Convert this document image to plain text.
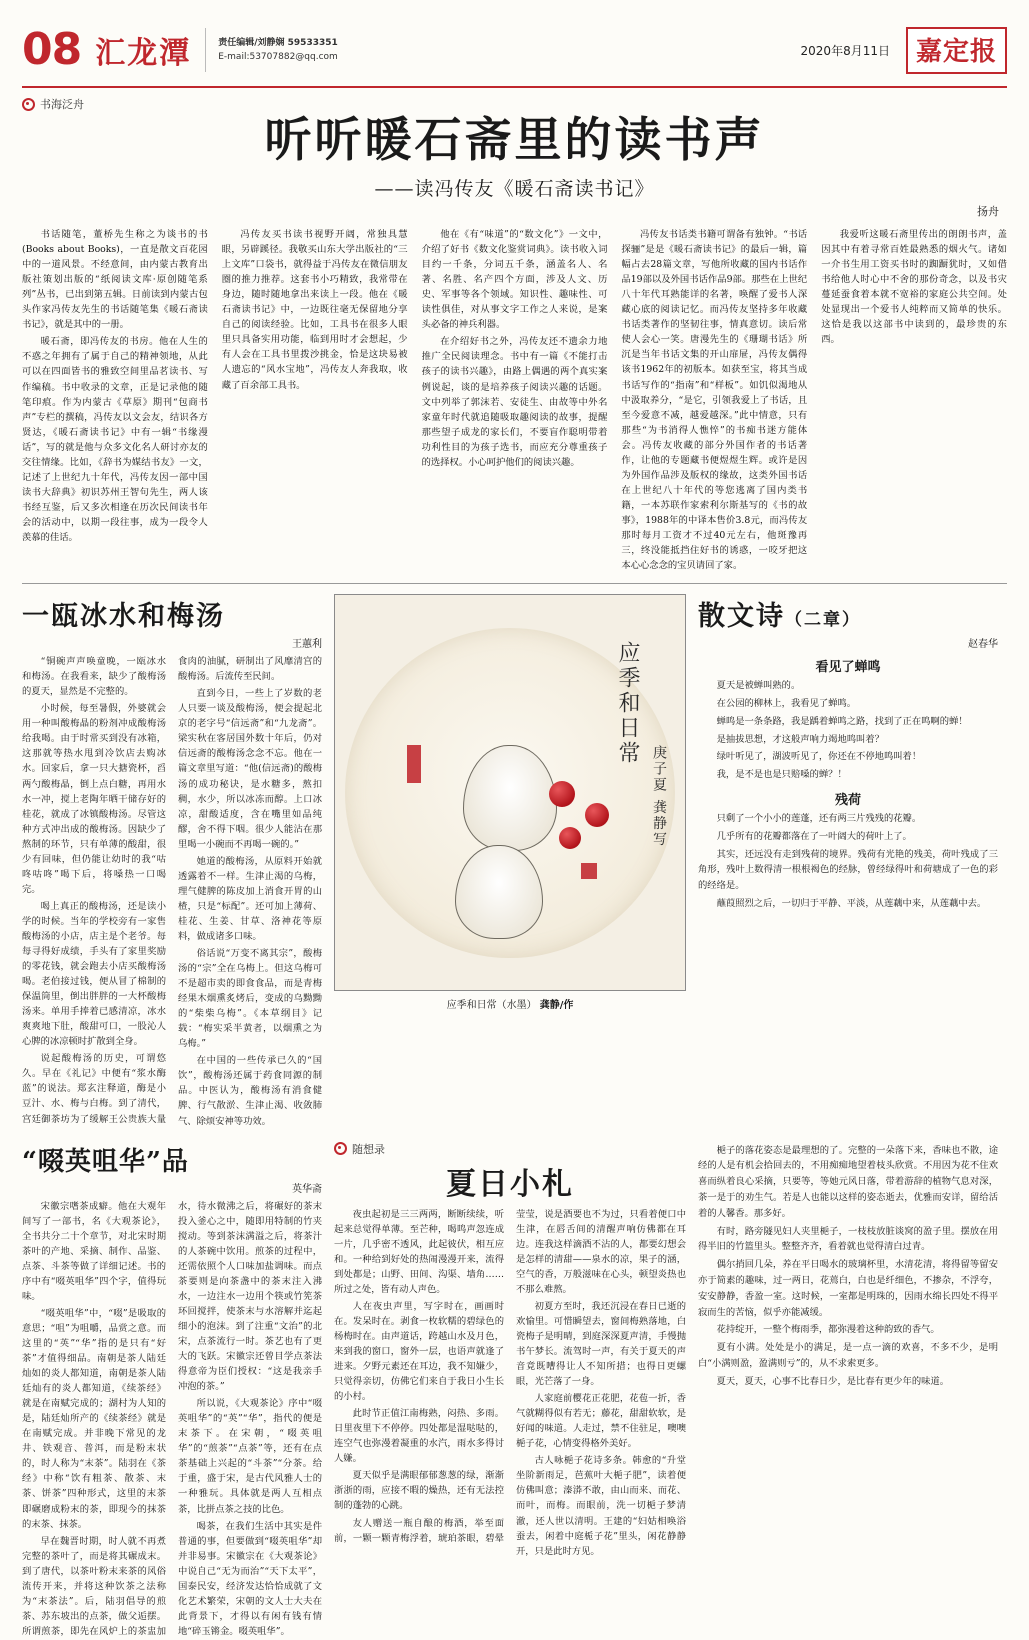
08 汇龙潭	责任编辑/刘静娴 59533351
E-mail:53707882@qq.com	2020年8月11日	嘉定报
书海泛舟
听听暖石斋里的读书声
——读冯传友《暖石斋读书记》
扬舟

书话随笔，董桥先生称之为谈书的书(Books about Books)，一直是散文百花园中的一道风景。不经意间，由内蒙古教育出版社策划出版的“纸阅读文库·原创随笔系列”丛书，已出到第五辑。日前读到内蒙古包头作家冯传友先生的书话随笔集《暖石斋读书记》，就是其中的一册。

暖石斋，即冯传友的书房。他在人生的不惑之年拥有了属于自己的精神领地，从此可以在四面皆书的雅致空间里品茗读书、写作编稿。书中收录的文章，正是记录他的随笔印痕。作为内蒙古《草原》期刊“包商书声”专栏的撰稿，冯传友以文会友，结识各方贤达，《暖石斋读书记》中有一辑“书缘漫话”，写的就是他与众多文化名人研讨亦友的交往情缘。比如，《辞书为媒结书友》一文，记述了上世纪九十年代，冯传友因一部中国读书大辞典》初识苏州王智句先生，两人该书经互鉴，后又多次相逢在历次民间读书年会的活动中，以期一段往事，成为一段令人羡慕的佳话。

冯传友买书读书视野开阔，常独具慧眼，另辟蹊径。我敬买山东大学出版社的“三上文库”口袋书，就得益于冯传友在微信朋友圈的推力推荐。这套书小巧精致，我常带在身边，随时随地拿出来读上一段。他在《暖石斋读书记》中，一边既往毫无保留地分享自己的阅读经验。比如，工具书在很多人眼里只具备实用功能，临到用时才会想起，少有人会在工具书里拨沙挑金，恰是这块易被人遗忘的“风水宝地”，冯传友人奔我取，收藏了百余部工具书。

他在《有“味道”的“数文化”》一文中，介绍了好书《数文化鉴赏词典》。读书收入词目约一千条，分词五千条，涵盖名人、名著、名胜、名产四个方面，涉及人文、历史、军事等各个领域。知识性、趣味性、可读性俱佳，对从事文字工作之人来说，是案头必备的神兵利器。

在介绍好书之外，冯传友还不遗余力地推广全民阅读理念。书中有一篇《不能打击孩子的读书兴趣》，由路上偶遇的两个真实案例说起，谈的是培养孩子阅读兴趣的话题。文中列举了郭沫若、安徒生、由故等中外名家童年时代就追随吸取趣阅读的故事，提醒那些望子成龙的家长们，不要盲作聪明带着功利性目的为孩子选书，而应充分尊重孩子的选择权。小心呵护他们的阅读兴趣。

冯传友书话类书籍可谓备有独钟。“书话探骊”是是《暖石斋读书记》的最后一辑，篇幅占去28篇文章，写他所收藏的国内书话作品19部以及外国书话作品9部。那些在上世纪八十年代耳熟能详的名著，唤醒了爱书人深藏心底的阅读记忆。而冯传友坚持多年收藏书话类著作的坚韧往事，情真意切。读后常使人会心一笑。唐漫先生的《珊瑚书话》所沉是当年书话文集的开山扉屉，冯传友偶得该书1962年的初版本。如获至宝，将其当成书话写作的“指南”和“样板”。如饥似渴地从中汲取养分，“是它，引领我爱上了书话，且至今爱意不减，越爱越深。”此中情意，只有那些“为书消得人憔悴”的书痴书迷方能体会。冯传友收藏的部分外国作者的书话著作，让他的专题藏书便煜煜生辉。或许是因为外国作品涉及版权的缘故，这类外国书话在上世纪八十年代的等您逃离了国内类书籍，一本苏联作家索利尔斯基写的《书的故事》，1988年的中译本售价3.8元，而冯传友那时每月工资才不过40元左右，他斑豫再三，终没能抵挡住好书的诱惑，一咬牙把这本心心念念的宝贝请回了家。

我爱听这暖石斋里传出的朗朗书声，盖因其中有着寻常百姓最熟悉的烟火气。诸如一介书生用工资买书时的踟蹰犹时，又如借书给他人时心中不舍的那份奇念，以及书灾蔓延蚕食着本就不宽裕的家庭公共空间。处处显现出一个爱书人纯粹而又简单的快乐。这恰是我以这部书中读到的，最珍贵的东西。

一瓯冰水和梅汤
王蕙利

“铜碗声声唤童晚，一瓯冰水和梅汤。在我看来，缺少了酸梅汤的夏天，显然是不完整的。

小时候，每至暑假，外婆就会用一种叫酸梅晶的粉剂冲成酸梅汤给我喝。由于时常买到没有冰箱，这那就等热水甩到冷饮店去购冰水。回家后，拿一只大搪瓷杯，舀两勺酸梅晶，倒上点白糖，再用水水一冲，搅上老陶年晒干储存好的桂花，就成了冰镇酸梅汤。尽管这种方式冲出成的酸梅汤。因缺少了熬制的环节，只有单薄的酸甜，很少有回味，但仍能让幼时的我“咕咚咕咚”喝下后，将嗓热一口喝完。

喝上真正的酸梅汤，还是读小学的时候。当年的学校旁有一家售酸梅汤的小店，店主是个老爷。每每寻得好成绩，手头有了家里奖励的零花钱，就会跑去小店买酸梅汤喝。老伯接过钱，便从冒了棉制的保温筒里，倒出胖胖的一大杯酸梅汤来。单用手捧着已感清凉，冰水爽爽地下肚，酸甜可口，一股沁人心脾的冰凉顿时扩散到全身。

说起酸梅汤的历史，可谓悠久。早在《礼记》中便有“浆水酶蓝”的说法。郑玄注释道，酶是小豆汁、水、梅与白梅。到了清代，宫廷御茶坊为了缓解王公贵族大量食肉的油腻，研制出了风靡清宫的酸梅汤。后流传至民间。

直到今日，一些上了岁数的老人只要一谈及酸梅汤，便会提起北京的老字号“信远斋”和“九龙斋”。梁实秋在客居国外数十年后，仍对信远斋的酸梅汤念念不忘。他在一篇文章里写道：“他(信远斋)的酸梅汤的成功秘诀，是水糖多，熬扣稠，水少，所以冰冻而醇。上口冰凉，甜酸适度，含在嘴里如品纯醪，舍不得下咽。很少人能沾在那里喝一小碗而不再喝一碗的。”

她道的酸梅汤，从原料开始就透露着不一样。生津止渴的乌梅，理气健脾的陈皮加上消食开胃的山楂，只是“标配”。还可加上薄荷、桂花、生姜、甘草、洛神花等原料，做成诸多口味。

俗话说“万变不离其宗”，酸梅汤的“宗”全在乌梅上。但这乌梅可不是超市卖的即食食品，而是青梅经果木烟熏炙烤后，变成的乌黝黝的“柴柴乌梅”。《本草纲目》记载：“梅实采半黄者，以烟熏之为乌梅。”

在中国的一些传承已久的“国饮”，酸梅汤还属于药食同源的制品。中医认为，酸梅汤有消食健脾、行气散淤、生津止渴、收敛肺气、除烦安神等功效。

应季和日常
庚子夏 龚静写
应季和日常（水墨） 龚静/作
散文诗（二章）
赵春华
看见了蝉鸣

夏天是被蝉叫熟的。

在公园的柳林上，我看见了蝉鸣。

蝉鸣是一条条路，我是踽着蝉鸣之路，找到了正在鸣啊的蝉！

是抽拔思想，才这般声响力竭地鸣叫着？

绿叶听见了，湖波听见了，你还在不停地鸣叫着！

我，是不是也是只赔嗓的蝉？！

残荷

只剩了一个小小的莲蓬，还有两三片残残的花瓣。

几乎所有的花瓣都落在了一叶阔大的荷叶上了。

其实，还远没有走到残荷的境界。残荷有光艳的残美，荷叶残成了三角形，残叶上数得清一根根褐色的经脉，曾经绿得叶和荷塘成了一色的彩的经络是。

蘸葭照烈之后，一切归于平静、平淡，从莲藕中来，从莲藕中去。

“啜英咀华”品
英华斋

宋徽宗嗜茶成癖。他在大观年间写了一部书，名《大观茶论》，全书共分二十个章节，对北宋时期茶叶的产地、采摘、制作、品鉴、点茶、斗茶等做了详细记述。书的序中有“啜英咀华”四个字，值得玩味。

“啜英咀华”中，“啜”是吸取的意思；“咀”为咀嚼，品赏之意。而这里的“英”“华”指的是只有“好茶”才值得细品。南朝是茶人陆廷灿如的炎人都知道，南朝是茶人陆廷灿有的炎人都知道，《续茶经》就是在南赋完成的；湖村为人知的是，陆廷灿所产的《续茶经》就是在南赋完成。并非晚下常见的龙井、铁观音、普洱，而是粉末状的，时人称为“末茶”。陆羽在《茶经》中称“饮有粗茶、散茶、末茶、饼茶”四种形式，这里的末茶即碾磨成粉末的茶，即现今的抹茶的末茶、抹茶。

早在魏晋时期，时人就不再煮完整的茶叶了，而是将其碾成末。到了唐代，以茶叶粉末来茶的风俗流传开来，并将这种饮茶之法称为“末茶法”。后，陆羽倡导的煎茶、苏东坡出的点茶，做父逅摆。所谓煎茶，即先在风炉上的茶盅加水，待水微沸之后，将碾好的茶末投入釜心之中，随即用特制的竹夹搅动。等到茶沫满溢之后，将茶汁的人茶碗中饮用。煎茶的过程中，还需依照个人口味加盐调味。而点茶要则是向茶盏中的茶末注入沸水，一边注水一边用个筷或竹筅茶环回搅拌，使茶末与水溶解并迄起细小的泡沫。到了注重“文治”的北宋，点茶流行一时。茶艺也有了更大的飞跃。宋徽宗还曾目学点茶法得意帝为臣们授权：“这是我亲手冲泡的茶。”

所以说，《大观茶论》序中“啜英咀华”的“英”“华”，指代的便是末茶下。在宋朝，“啜英咀华”的“煎茶”“点茶”等，还有在点茶基础上兴起的“斗茶”“分茶。给于重，盛于宋，是古代风雅人士的一种雅玩。具体就是两人互相点茶，比拼点茶之技的比色。

喝茶，在我们生活中其实是件普通的事，但要做到“啜英咀华”却并非易事。宋徽宗在《大观茶论》中说自己“无为而治”“天下太平”，国泰民安，经济发达恰恰成就了文化艺术繁荣，宋朝的文人士大夫在此背景下，才得以有闲有钱有情地“碎玉锵金。啜英咀华”。

随想录
夏日小札

夜虫起初是三三两两，断断续续，听起来总觉得单薄。至芒种，喝鸣声忽连成一片，几乎密不透风，此起彼伏，相互应和。一种给到好处的热闹漫漫开来，流得到处都是；山野、田间、沟渠、墙角……所过之处，皆有动人声色。

人在夜虫声里，写字时在，画画时在。发呆时在。剥食一枚软糯的碧绿色的杨梅时在。由声道话，跨越山水及月色，来到我的窗口，窗外一层，也语声就逢了进来。夕野元素还在耳边，我不知嫌少，只觉得亲切，仿佛它们来自于我日小生长的小村。

此时节正值江南梅熟，闷热、多雨。日里夜里下不停停。四处都是湿哒哒的，连空气也弥漫着凝重的水汽，雨水多得讨人嫌。

夏天似乎是满眼郁郁葱葱的绿，渐渐浙浙的雨，应接不暇的燥热，还有无法控制的蓬勃的心跳。

友人赠送一瓶自酿的梅酒，举至面前，一颗一颗青梅浮着，琥珀茶眼，碧晕莹莹，说是酒要也不为过，只看着便口中生津，在唇舌间的清醒声响仿佛都在耳边。连我这样滴酒不沾的人，都要幻想会是怎样的清甜——泉水的凉，果子的涵，空气的香，万般滋味在心头，顿望炎热也不那么难熬。

初夏方至时，我还沉浸在春日已逝的欢愉里。可惜瞬望去，窗间梅熟落地，白瓷梅子是明晴，到庭深深夏声清，手慢抛书午梦长。流驾时一声，有关于夏天的声音竟既嘈得让人不知所措；也得日更螺眼，光芒落了一身。

人家庭前樱花正花肥，花苞一折，香气就糊得似有若无；藤花，甜甜软软，是好闻的味道。人走过，禁不住驻足，噢噢梔子花，心情变得格外美好。

古人咏梔子花诗多条。韩愈的“升堂坐阶新雨足，芭蕉叶大梔子肥”，读着便仿佛叫意；溱漭不敢，由山而来、而花、而叶，而梅。而眼前，洗一切梔子梦清澈，还人世以清明。王建的“妇姑相唤浴蚕去，闲着中庭栀子花”里头，闲花静静开，只是此时方见。

梔子的落花姿态是最理想的了。完整的一朵落下来，香味也不散，途经的人是有机会拾回去的，不用痴痴地望着枝头欣赏。不用因为花不住欢喜而纵着良心采摘，只要等，等她元风日落，带着游辞的植物气息对深，茶一是于的劝生气。若是人也能以这样的姿态逝去，优雅而安详，留给活着的人馨香。那多好。

有时，路旁隧见妇人夹里梔子，一枝枝放脏谈窝的盈子里。摆放在用得半旧的竹篮里头。整整齐齐，看着就也觉得清白过青。

偶尔捎回几朵，养在平日喝水的玻璃杯里，水清花清，将得留等留安亦于简素的趣味，过一两日，花蔫白，白也是纤细色，不掺杂，不浮夸，安安静静，香盈一室。这时候，一室都是明珠的，因雨水绵长四处不得平寂而生的苦恼，似乎亦能减缓。

花持绽开，一整个梅雨季，都弥漫着这种韵致的香气。

夏有小满。处处是小的满足，是一点一滴的欢喜，不多不少，是明白“小满则盈，盈满则亏”的，从不求索更多。

夏天，夏天，心事不比春日少，是比春有更少年的味道。
